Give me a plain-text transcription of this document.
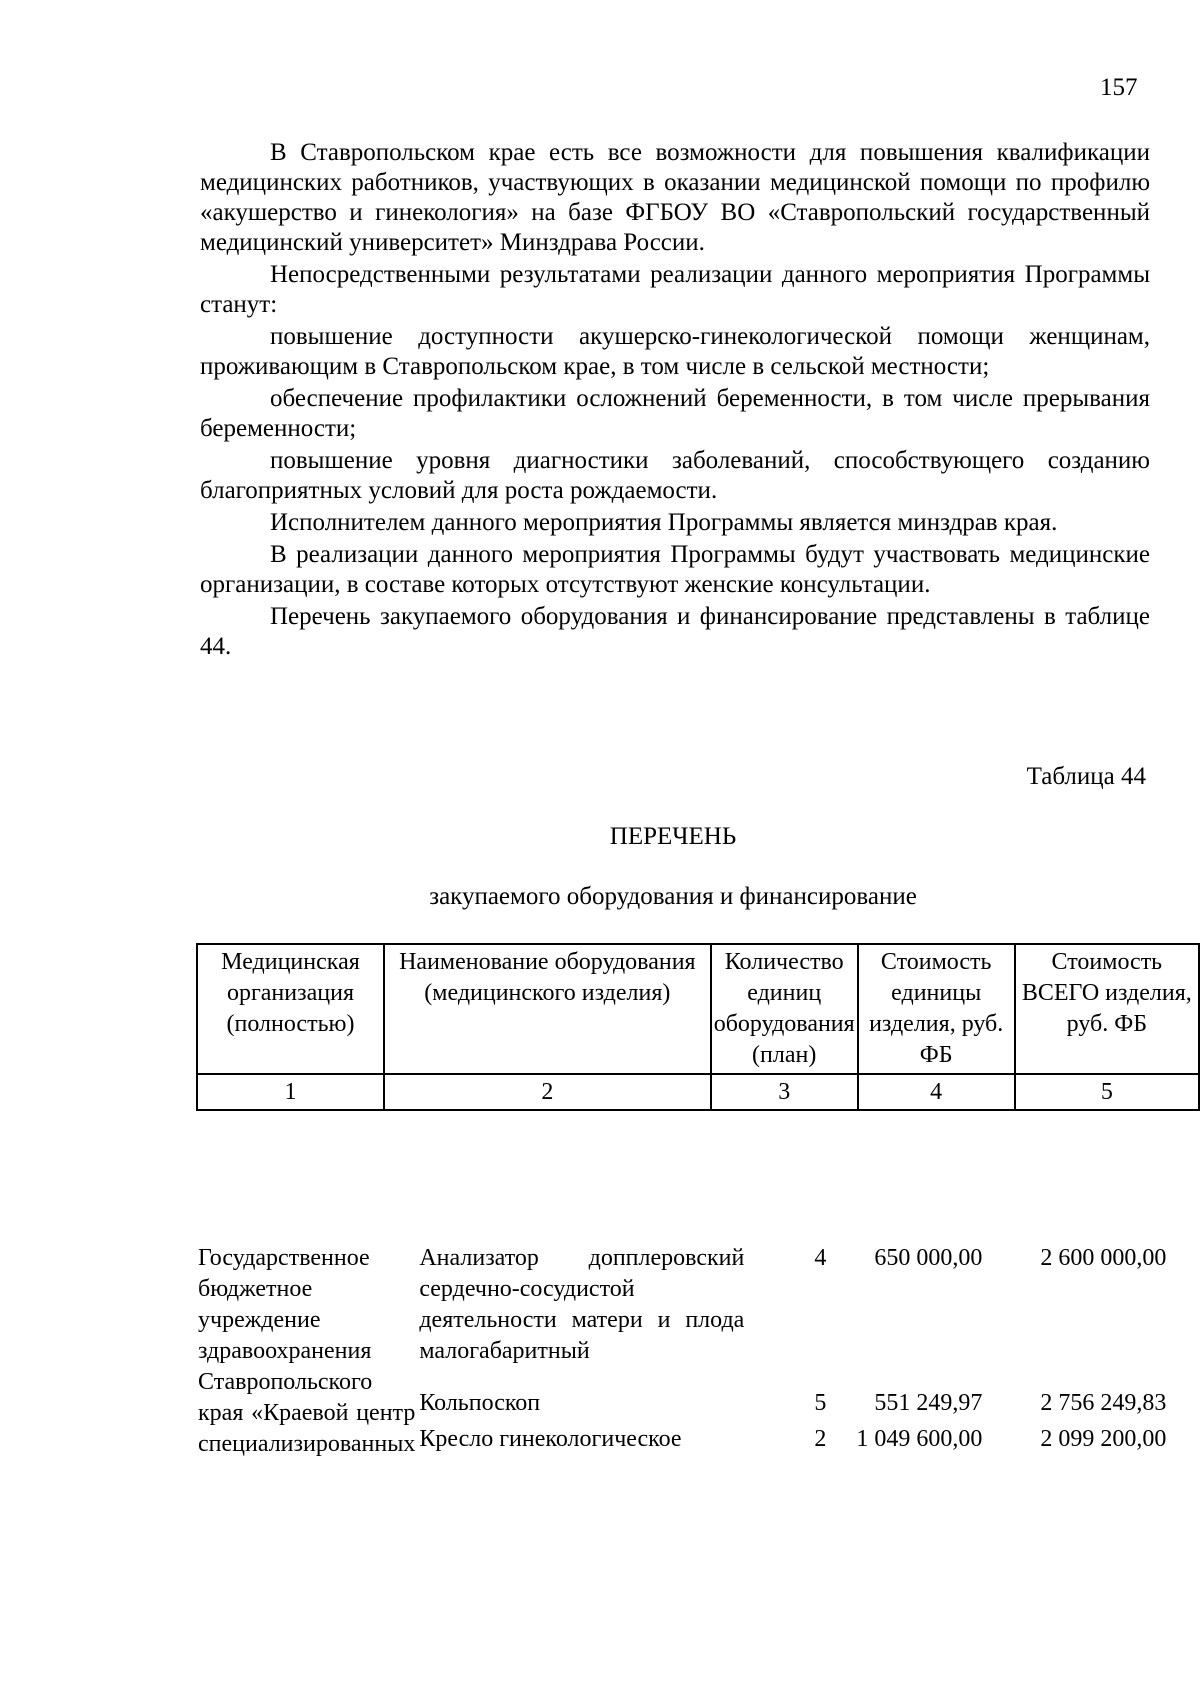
157

В Ставропольском крае есть все возможности для повышения квалификации медицинских работников, участвующих в оказании медицинской помощи по профилю «акушерство и гинекология» на базе ФГБОУ ВО «Ставропольский государственный медицинский университет» Минздрава России.

Непосредственными результатами реализации данного мероприятия Программы станут:

повышение доступности акушерско-гинекологической помощи женщинам, проживающим в Ставропольском крае, в том числе в сельской местности;

обеспечение профилактики осложнений беременности, в том числе прерывания беременности;

повышение уровня диагностики заболеваний, способствующего созданию благоприятных условий для роста рождаемости.

Исполнителем данного мероприятия Программы является минздрав края.

В реализации данного мероприятия Программы будут участвовать медицинские организации, в составе которых отсутствуют женские консультации.

Перечень закупаемого оборудования и финансирование представлены в таблице 44.

Таблица 44
ПЕРЕЧЕНЬ
закупаемого оборудования и финансирование
Медицинская организация (полностью)	Наименование оборудования (медицинского изделия)	Количество единиц оборудования (план)	Стоимость единицы изделия, руб. ФБ	Стоимость ВСЕГО изделия, руб. ФБ
1	2	3	4	5
Государственное бюджетное учреждение здравоохранения Ставропольского края «Краевой центр специализированных	Анализатор допплеровский сердечно-сосудистой деятельности матери и плода малогабаритный	4	650 000,00	2 600 000,00
	Кольпоскоп	5	551 249,97	2 756 249,83
	Кресло гинекологическое	2	1 049 600,00	2 099 200,00
